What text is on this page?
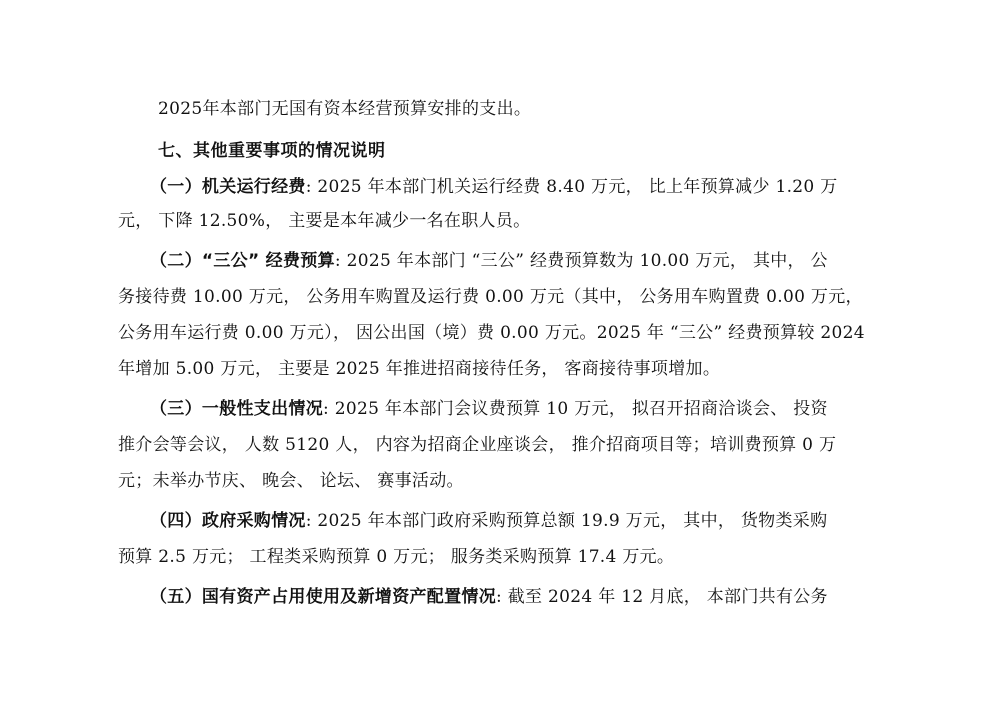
2025年本部门无国有资本经营预算安排的支出。
七、其他重要事项的情况说明
（一）机关运行经费: 2025 年本部门机关运行经费 8.40 万元， 比上年预算减少 1.20 万
元， 下降 12.50%， 主要是本年减少一名在职人员。
（二）“三公” 经费预算: 2025 年本部门 “三公” 经费预算数为 10.00 万元， 其中， 公
务接待费 10.00 万元， 公务用车购置及运行费 0.00 万元（其中， 公务用车购置费 0.00 万元，
公务用车运行费 0.00 万元）， 因公出国（境）费 0.00 万元。2025 年 “三公” 经费预算较 2024
年增加 5.00 万元， 主要是 2025 年推进招商接待任务， 客商接待事项增加。
（三）一般性支出情况: 2025 年本部门会议费预算 10 万元， 拟召开招商洽谈会、 投资
推介会等会议， 人数 5120 人， 内容为招商企业座谈会， 推介招商项目等；培训费预算 0 万
元；未举办节庆、 晚会、 论坛、 赛事活动。
（四）政府采购情况: 2025 年本部门政府采购预算总额 19.9 万元， 其中， 货物类采购
预算 2.5 万元； 工程类采购预算 0 万元； 服务类采购预算 17.4 万元。
（五）国有资产占用使用及新增资产配置情况: 截至 2024 年 12 月底， 本部门共有公务
